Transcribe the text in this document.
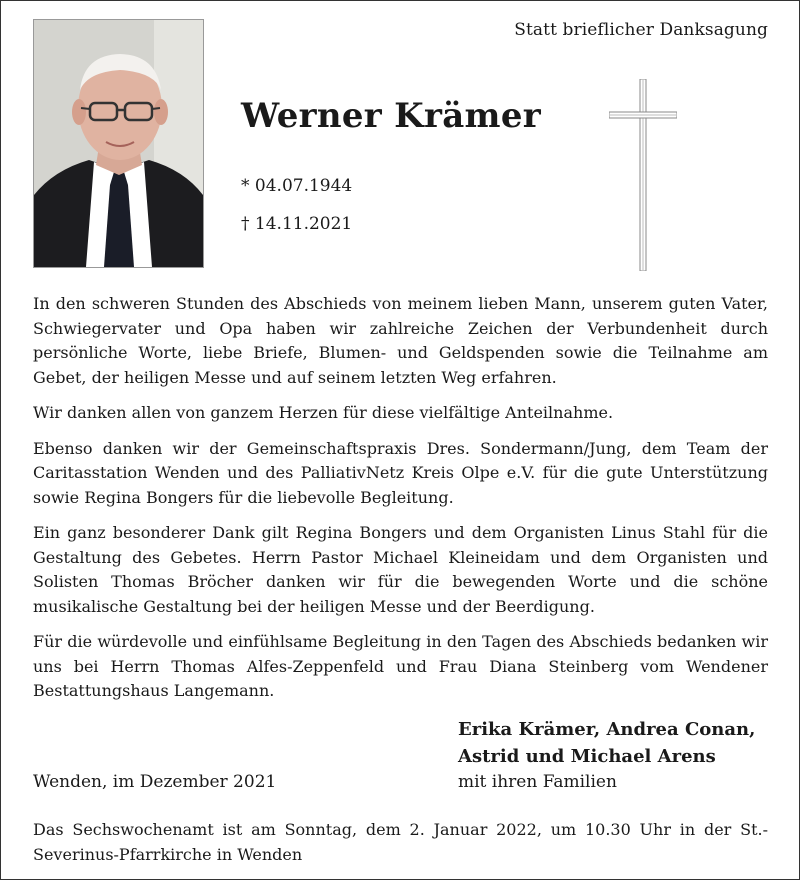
Statt brieflicher Danksagung
Werner Krämer
* 04.07.1944
† 14.11.2021

In den schweren Stunden des Abschieds von meinem lieben Mann, unserem guten Vater, Schwiegervater und Opa haben wir zahlreiche Zeichen der Verbundenheit durch persönliche Worte, liebe Briefe, Blumen- und Geldspenden sowie die Teilnahme am Gebet, der heiligen Messe und auf seinem letzten Weg erfahren.

Wir danken allen von ganzem Herzen für diese vielfältige Anteilnahme.

Ebenso danken wir der Gemeinschaftspraxis Dres. Sondermann/Jung, dem Team der Caritasstation Wenden und des PalliativNetz Kreis Olpe e.V. für die gute Unterstützung sowie Regina Bongers für die liebevolle Begleitung.

Ein ganz besonderer Dank gilt Regina Bongers und dem Organisten Linus Stahl für die Gestaltung des Gebetes. Herrn Pastor Michael Kleineidam und dem Organisten und Solisten Thomas Bröcher danken wir für die bewegenden Worte und die schöne musikalische Gestaltung bei der heiligen Messe und der Beerdigung.

Für die würdevolle und einfühlsame Begleitung in den Tagen des Abschieds bedanken wir uns bei Herrn Thomas Alfes-Zeppenfeld und Frau Diana Steinberg vom Wendener Bestattungshaus Langemann.

Erika Krämer, Andrea Conan,
Astrid und Michael Arens
mit ihren Familien
Wenden, im Dezember 2021
Das Sechswochenamt ist am Sonntag, dem 2. Januar 2022, um 10.30 Uhr in der St.-Severinus-Pfarrkirche in Wenden
